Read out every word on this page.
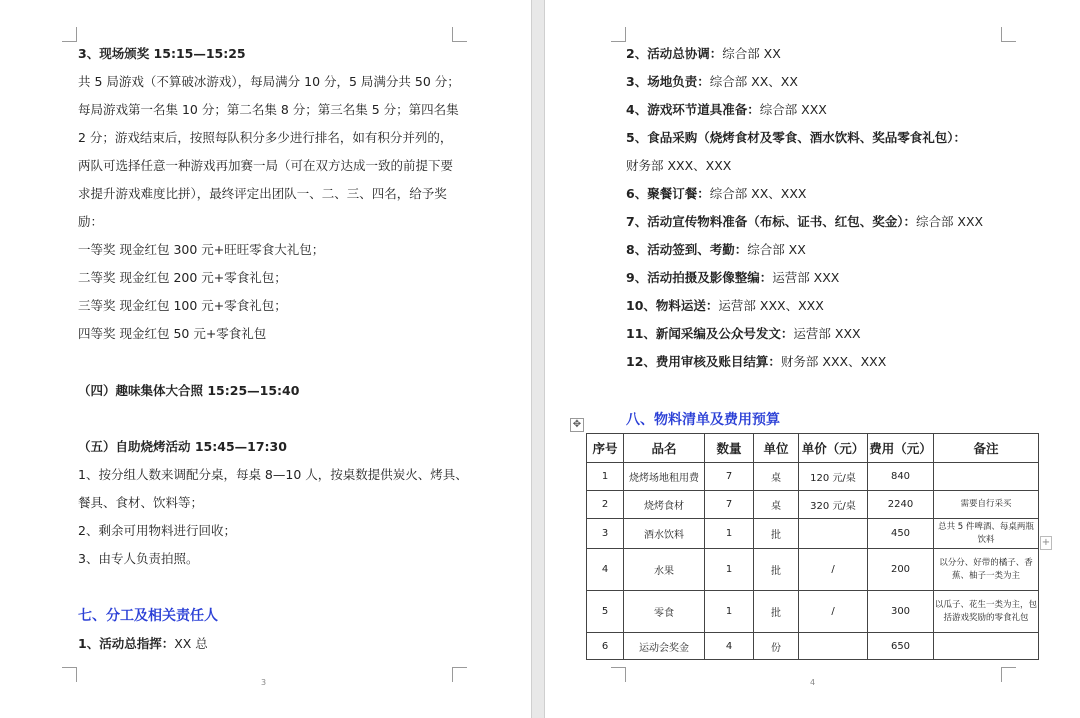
3、现场颁奖 15:15—15:25
共 5 局游戏（不算破冰游戏），每局满分 10 分，5 局满分共 50 分；
每局游戏第一名集 10 分；第二名集 8 分；第三名集 5 分；第四名集
2 分；游戏结束后，按照每队积分多少进行排名，如有积分并列的，
两队可选择任意一种游戏再加赛一局（可在双方达成一致的前提下要
求提升游戏难度比拼），最终评定出团队一、二、三、四名，给予奖
励：
一等奖 现金红包 300 元+旺旺零食大礼包；
二等奖 现金红包 200 元+零食礼包；
三等奖 现金红包 100 元+零食礼包；
四等奖 现金红包 50 元+零食礼包
（四）趣味集体大合照 15:25—15:40
（五）自助烧烤活动 15:45—17:30
1、按分组人数来调配分桌，每桌 8—10 人，按桌数提供炭火、烤具、
餐具、食材、饮料等；
2、剩余可用物料进行回收；
3、由专人负责拍照。
七、分工及相关责任人
1、活动总指挥：XX 总
3
2、活动总协调：综合部 XX
3、场地负责：综合部 XX、XX
4、游戏环节道具准备：综合部 XXX
5、食品采购（烧烤食材及零食、酒水饮料、奖品零食礼包）：
财务部 XXX、XXX
6、聚餐订餐：综合部 XX、XXX
7、活动宣传物料准备（布标、证书、红包、奖金）：综合部 XXX
8、活动签到、考勤：综合部 XX
9、活动拍摄及影像整编：运营部 XXX
10、物料运送：运营部 XXX、XXX
11、新闻采编及公众号发文：运营部 XXX
12、费用审核及账目结算：财务部 XXX、XXX
✥	八、物料清单及费用预算
序号	品名	数量	单位	单价（元）	费用（元）	备注
1	烧烤场地租用费	7	桌	120 元/桌	840	
2	烧烤食材	7	桌	320 元/桌	2240	需要自行采买
3	酒水饮料	1	批		450	总共 5 件啤酒、每桌两瓶饮料
4	水果	1	批	/	200	以分分、好带的橘子、香蕉、柚子一类为主
5	零食	1	批	/	300	以瓜子、花生一类为主，包括游戏奖励的零食礼包
6	运动会奖金	4	份		650	
+
4
